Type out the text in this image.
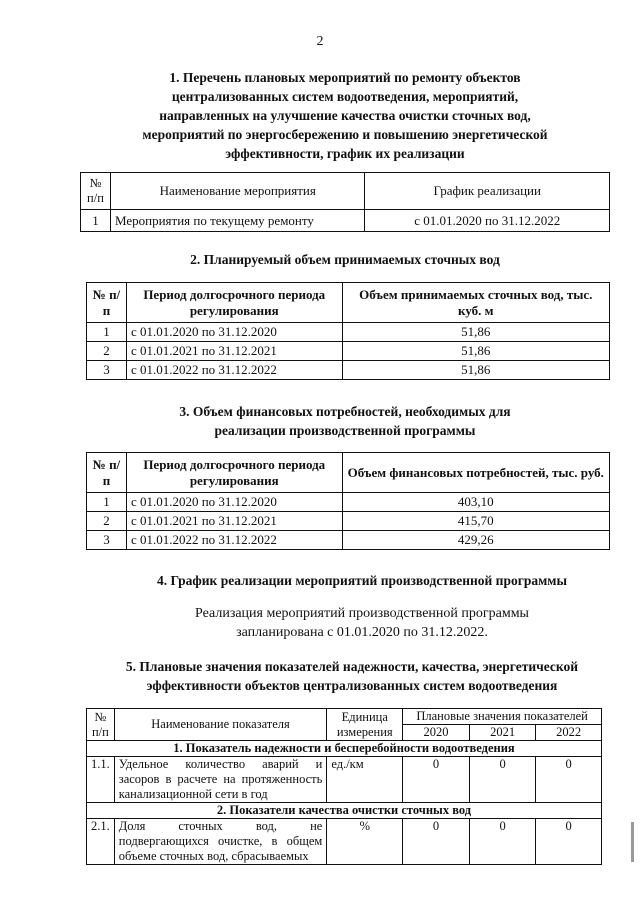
2
1. Перечень плановых мероприятий по ремонту объектов
централизованных систем водоотведения, мероприятий,
направленных на улучшение качества очистки сточных вод,
мероприятий по энергосбережению и повышению энергетической
эффективности, график их реализации
№ п/п	Наименование мероприятия	График реализации
1	Мероприятия по текущему ремонту	с 01.01.2020 по 31.12.2022
2. Планируемый объем принимаемых сточных вод
№ п/п	Период долгосрочного периода регулирования	Объем принимаемых сточных вод, тыс. куб. м
1	с 01.01.2020 по 31.12.2020	51,86
2	с 01.01.2021 по 31.12.2021	51,86
3	с 01.01.2022 по 31.12.2022	51,86
3. Объем финансовых потребностей, необходимых для
реализации производственной программы
№ п/п	Период долгосрочного периода регулирования	Объем финансовых потребностей, тыс. руб.
1	с 01.01.2020 по 31.12.2020	403,10
2	с 01.01.2021 по 31.12.2021	415,70
3	с 01.01.2022 по 31.12.2022	429,26
4. График реализации мероприятий производственной программы
Реализация мероприятий производственной программы
запланирована с 01.01.2020 по 31.12.2022.
5. Плановые значения показателей надежности, качества, энергетической
эффективности объектов централизованных систем водоотведения
№ п/п	Наименование показателя	Единица измерения	Плановые значения показателей		
			2020	2021	2022
1. Показатель надежности и бесперебойности водоотведения					
1.1.	Удельное количество аварий и засоров в расчете на протяженность канализационной сети в год	ед./км	0	0	0
2. Показатели качества очистки сточных вод					
2.1.	Доля сточных вод, не подвергающихся очистке, в общем объеме сточных вод, сбрасываемых	%	0	0	0
